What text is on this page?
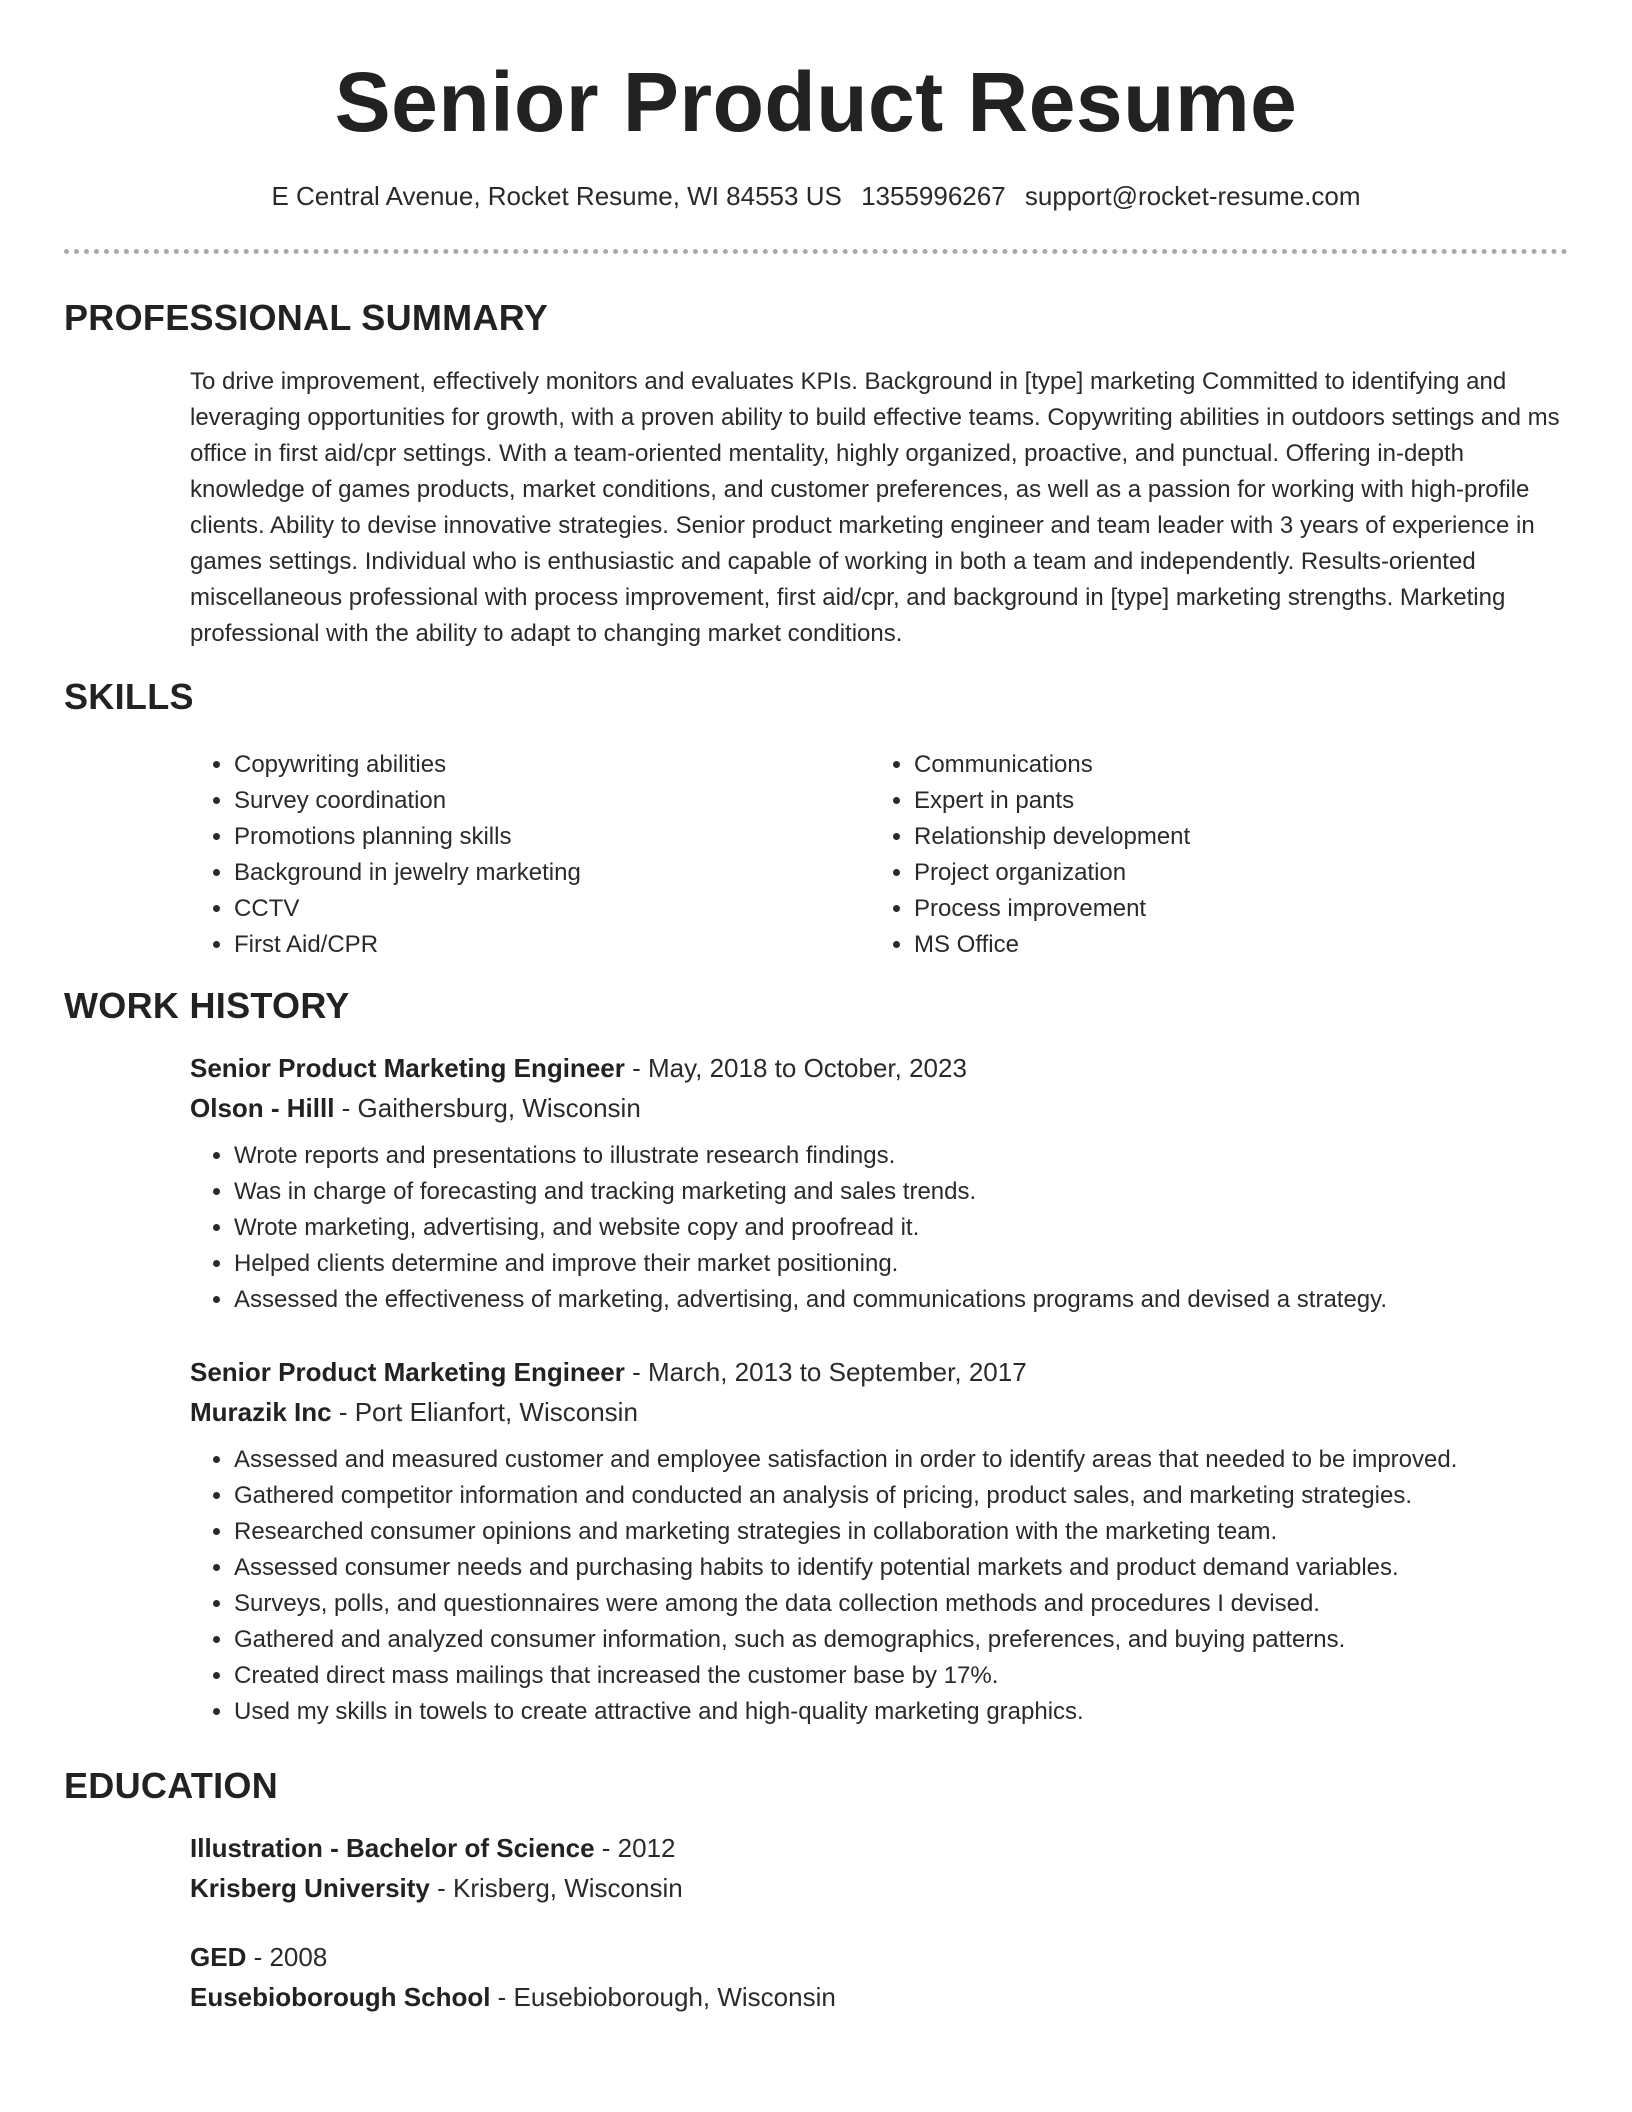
Senior Product Resume
E Central Avenue, Rocket Resume, WI 84553 US 1355996267 support@rocket-resume.com
PROFESSIONAL SUMMARY

To drive improvement, effectively monitors and evaluates KPIs. Background in [type] marketing Committed to identifying and leveraging opportunities for growth, with a proven ability to build effective teams. Copywriting abilities in outdoors settings and ms office in first aid/cpr settings. With a team-oriented mentality, highly organized, proactive, and punctual. Offering in-depth knowledge of games products, market conditions, and customer preferences, as well as a passion for working with high-profile clients. Ability to devise innovative strategies. Senior product marketing engineer and team leader with 3 years of experience in games settings. Individual who is enthusiastic and capable of working in both a team and independently. Results-oriented miscellaneous professional with process improvement, first aid/cpr, and background in [type] marketing strengths. Marketing professional with the ability to adapt to changing market conditions.

SKILLS
• Copywriting abilities
• Survey coordination
• Promotions planning skills
• Background in jewelry marketing
• CCTV
• First Aid/CPR
• Communications
• Expert in pants
• Relationship development
• Project organization
• Process improvement
• MS Office
WORK HISTORY
Senior Product Marketing Engineer - May, 2018 to October, 2023
Olson - Hilll - Gaithersburg, Wisconsin
• Wrote reports and presentations to illustrate research findings.
• Was in charge of forecasting and tracking marketing and sales trends.
• Wrote marketing, advertising, and website copy and proofread it.
• Helped clients determine and improve their market positioning.
• Assessed the effectiveness of marketing, advertising, and communications programs and devised a strategy.
Senior Product Marketing Engineer - March, 2013 to September, 2017
Murazik Inc - Port Elianfort, Wisconsin
• Assessed and measured customer and employee satisfaction in order to identify areas that needed to be improved.
• Gathered competitor information and conducted an analysis of pricing, product sales, and marketing strategies.
• Researched consumer opinions and marketing strategies in collaboration with the marketing team.
• Assessed consumer needs and purchasing habits to identify potential markets and product demand variables.
• Surveys, polls, and questionnaires were among the data collection methods and procedures I devised.
• Gathered and analyzed consumer information, such as demographics, preferences, and buying patterns.
• Created direct mass mailings that increased the customer base by 17%.
• Used my skills in towels to create attractive and high-quality marketing graphics.
EDUCATION
Illustration - Bachelor of Science - 2012
Krisberg University - Krisberg, Wisconsin
GED - 2008
Eusebioborough School - Eusebioborough, Wisconsin
